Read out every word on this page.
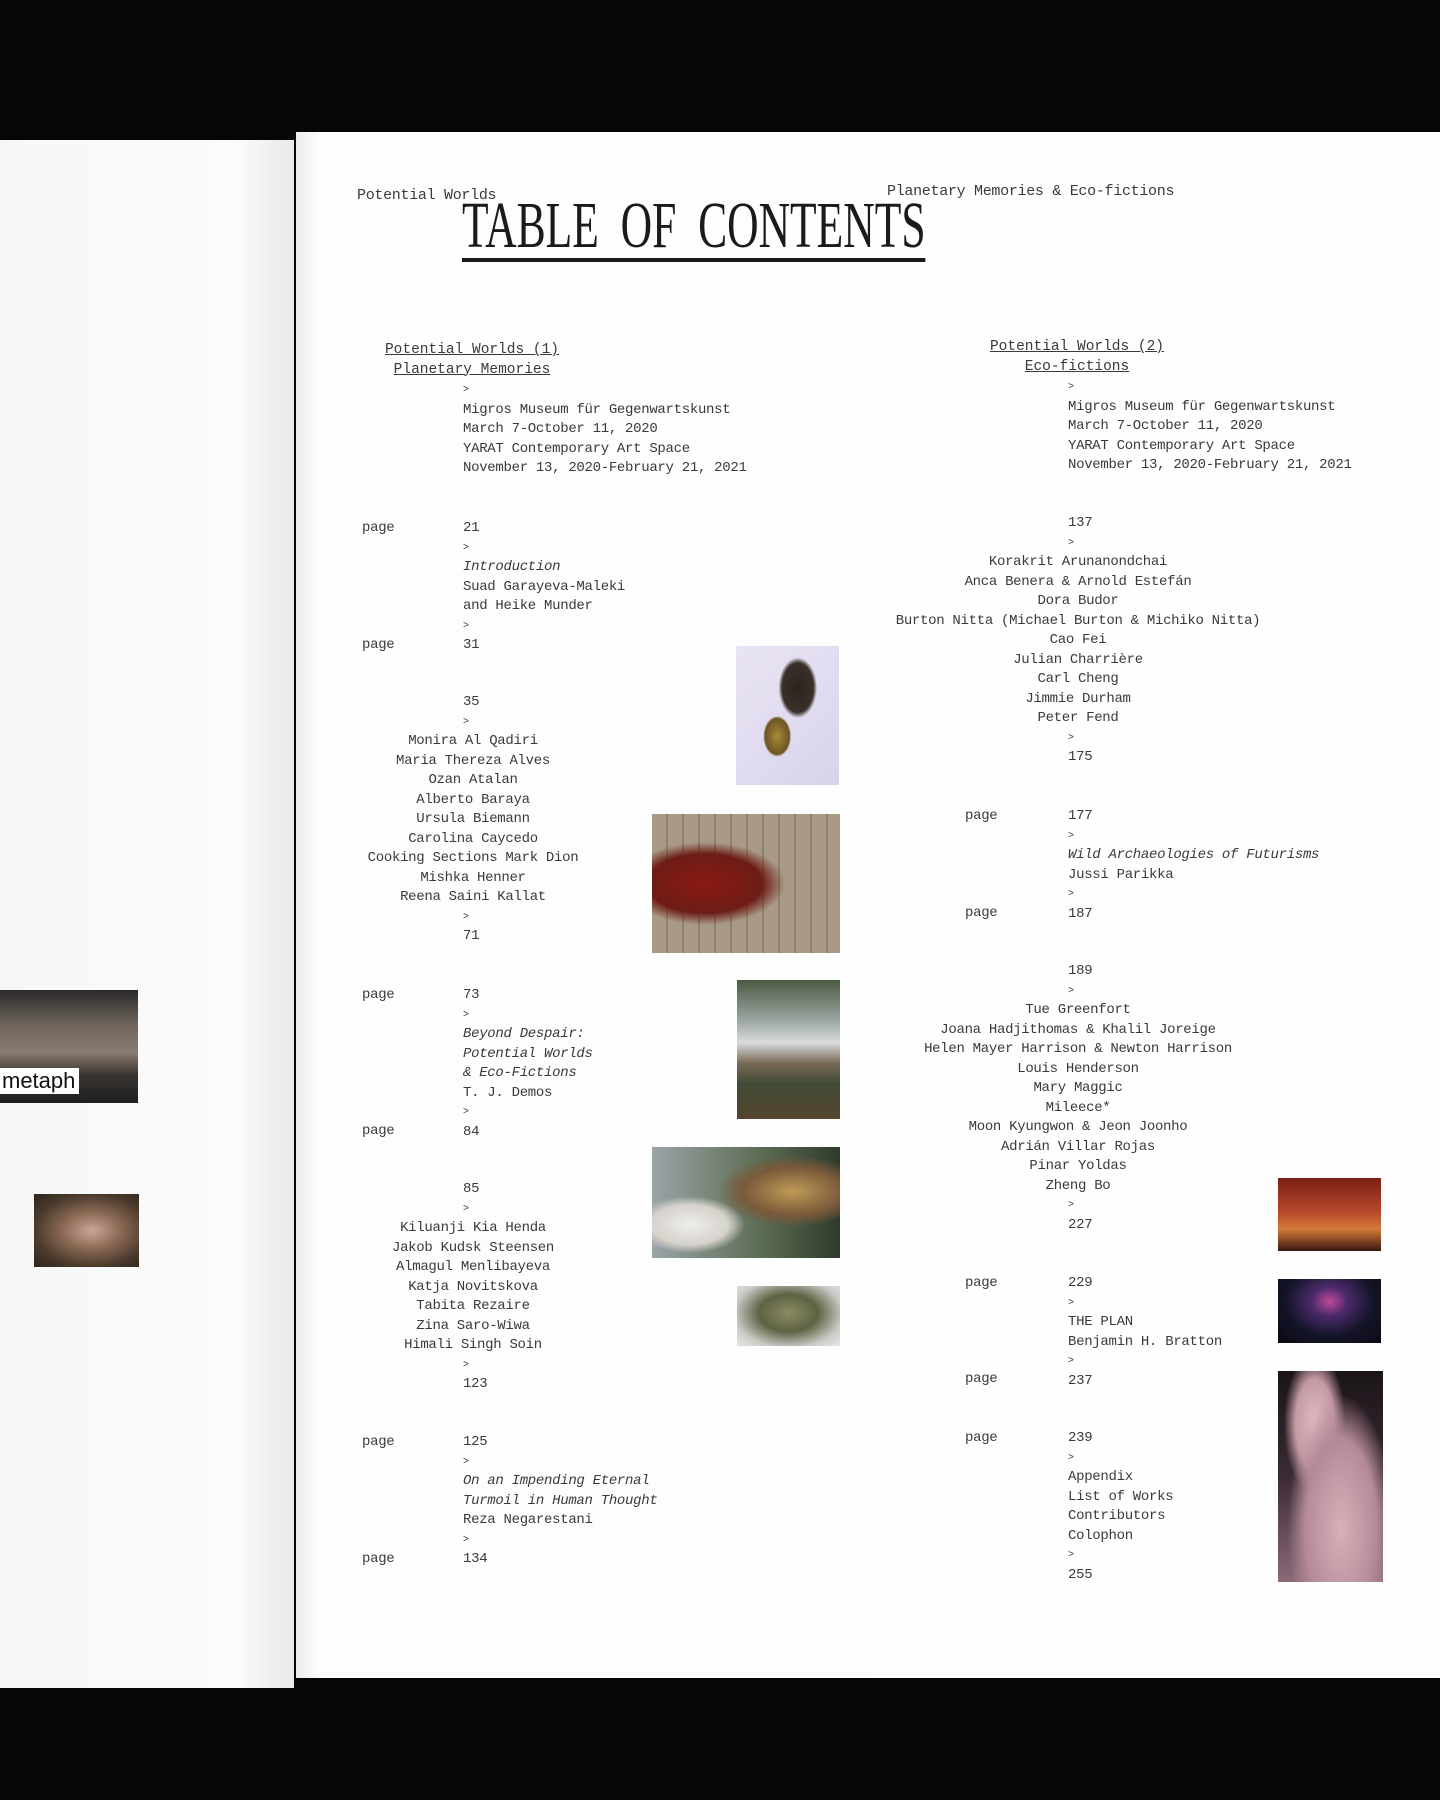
metaph
Potential Worlds	Planetary Memories & Eco-fictions
TABLE  OF  CONTENTS
Potential Worlds (1)
Planetary Memories
Potential Worlds (2)
Eco-fictions
>
Migros Museum für Gegenwartskunst
March 7-October 11, 2020
YARAT Contemporary Art Space
November 13, 2020-February 21, 2021
21
>
Introduction
Suad Garayeva-Maleki
and Heike Munder
>
31
35
>
Monira Al Qadiri
Maria Thereza Alves
Ozan Atalan
Alberto Baraya
Ursula Biemann
Carolina Caycedo
Cooking Sections Mark Dion
Mishka Henner
Reena Saini Kallat
>
71
73
>
Beyond Despair:
Potential Worlds
& Eco-Fictions
T. J. Demos
>
84
85
>
Kiluanji Kia Henda
Jakob Kudsk Steensen
Almagul Menlibayeva
Katja Novitskova
Tabita Rezaire
Zina Saro-Wiwa
Himali Singh Soin
>
123
125
>
On an Impending Eternal
Turmoil in Human Thought
Reza Negarestani
>
134
page
page
page
page
page
page
>
Migros Museum für Gegenwartskunst
March 7-October 11, 2020
YARAT Contemporary Art Space
November 13, 2020-February 21, 2021
137
>
Korakrit Arunanondchai
Anca Benera & Arnold Estefán
Dora Budor
Burton Nitta (Michael Burton & Michiko Nitta)
Cao Fei
Julian Charrière
Carl Cheng
Jimmie Durham
Peter Fend
>
175
177
>
Wild Archaeologies of Futurisms
Jussi Parikka
>
187
189
>
Tue Greenfort
Joana Hadjithomas & Khalil Joreige
Helen Mayer Harrison & Newton Harrison
Louis Henderson
Mary Maggic
Mileece*
Moon Kyungwon & Jeon Joonho
Adrián Villar Rojas
Pinar Yoldas
Zheng Bo
>
227
229
>
THE PLAN
Benjamin H. Bratton
>
237
239
>
Appendix
List of Works
Contributors
Colophon
>
255
page
page
page
page
page
